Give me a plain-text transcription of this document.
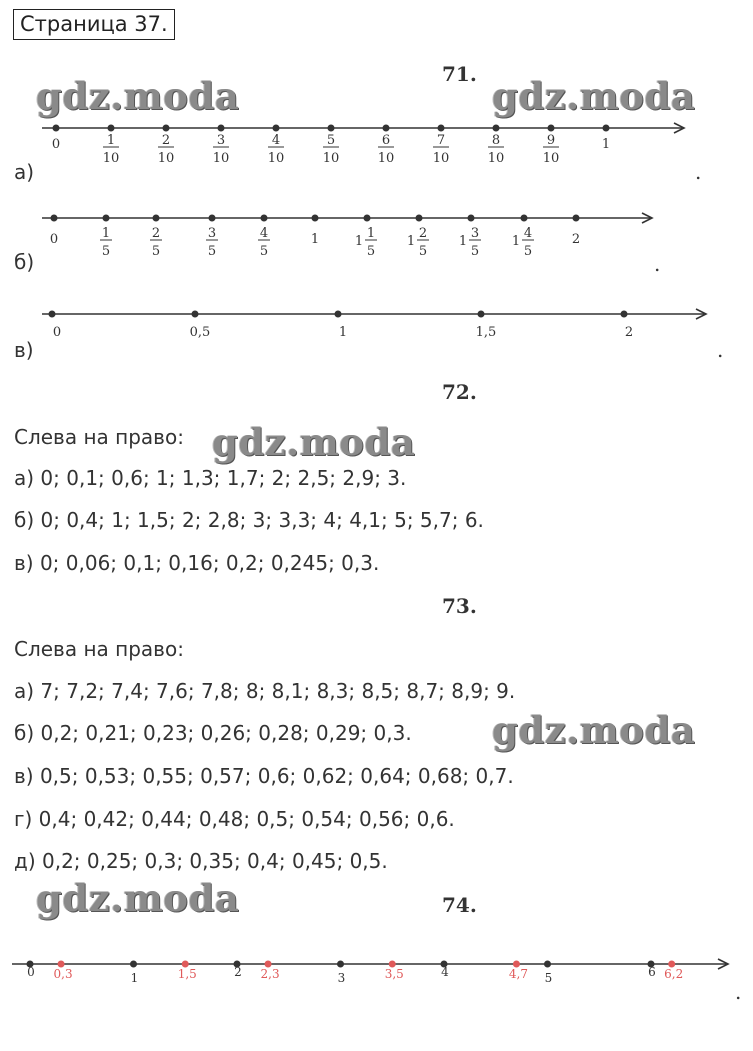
Страница 37.
gdz.moda	gdz.moda
gdz.moda
gdz.moda
gdz.moda
71.
0	1
10
2
10
3
10
4
10
5
10
6
10
7
10
8
10
9
10
1
а)	.
0	1
5
2
5
3
5
4
5
1	1
1
5
1
2
5
1
3
5
1
4
5
2
б)	.
0	0,5	1	1,5	2
в)	.
72.
Слева на право:
а) 0; 0,1; 0,6; 1; 1,3; 1,7; 2; 2,5; 2,9; 3.
б) 0; 0,4; 1; 1,5; 2; 2,8; 3; 3,3; 4; 4,1; 5; 5,7; 6.
в) 0; 0,06; 0,1; 0,16; 0,2; 0,245; 0,3.
73.
Слева на право:
а) 7; 7,2; 7,4; 7,6; 7,8; 8; 8,1; 8,3; 8,5; 8,7; 8,9; 9.
б) 0,2; 0,21; 0,23; 0,26; 0,28; 0,29; 0,3.
в) 0,5; 0,53; 0,55; 0,57; 0,6; 0,62; 0,64; 0,68; 0,7.
г) 0,4; 0,42; 0,44; 0,48; 0,5; 0,54; 0,56; 0,6.
д) 0,2; 0,25; 0,3; 0,35; 0,4; 0,45; 0,5.
74.
0 0,3	1	1,5	2 2,3	3	3,5	4	4,7 5	6 6,2
.
